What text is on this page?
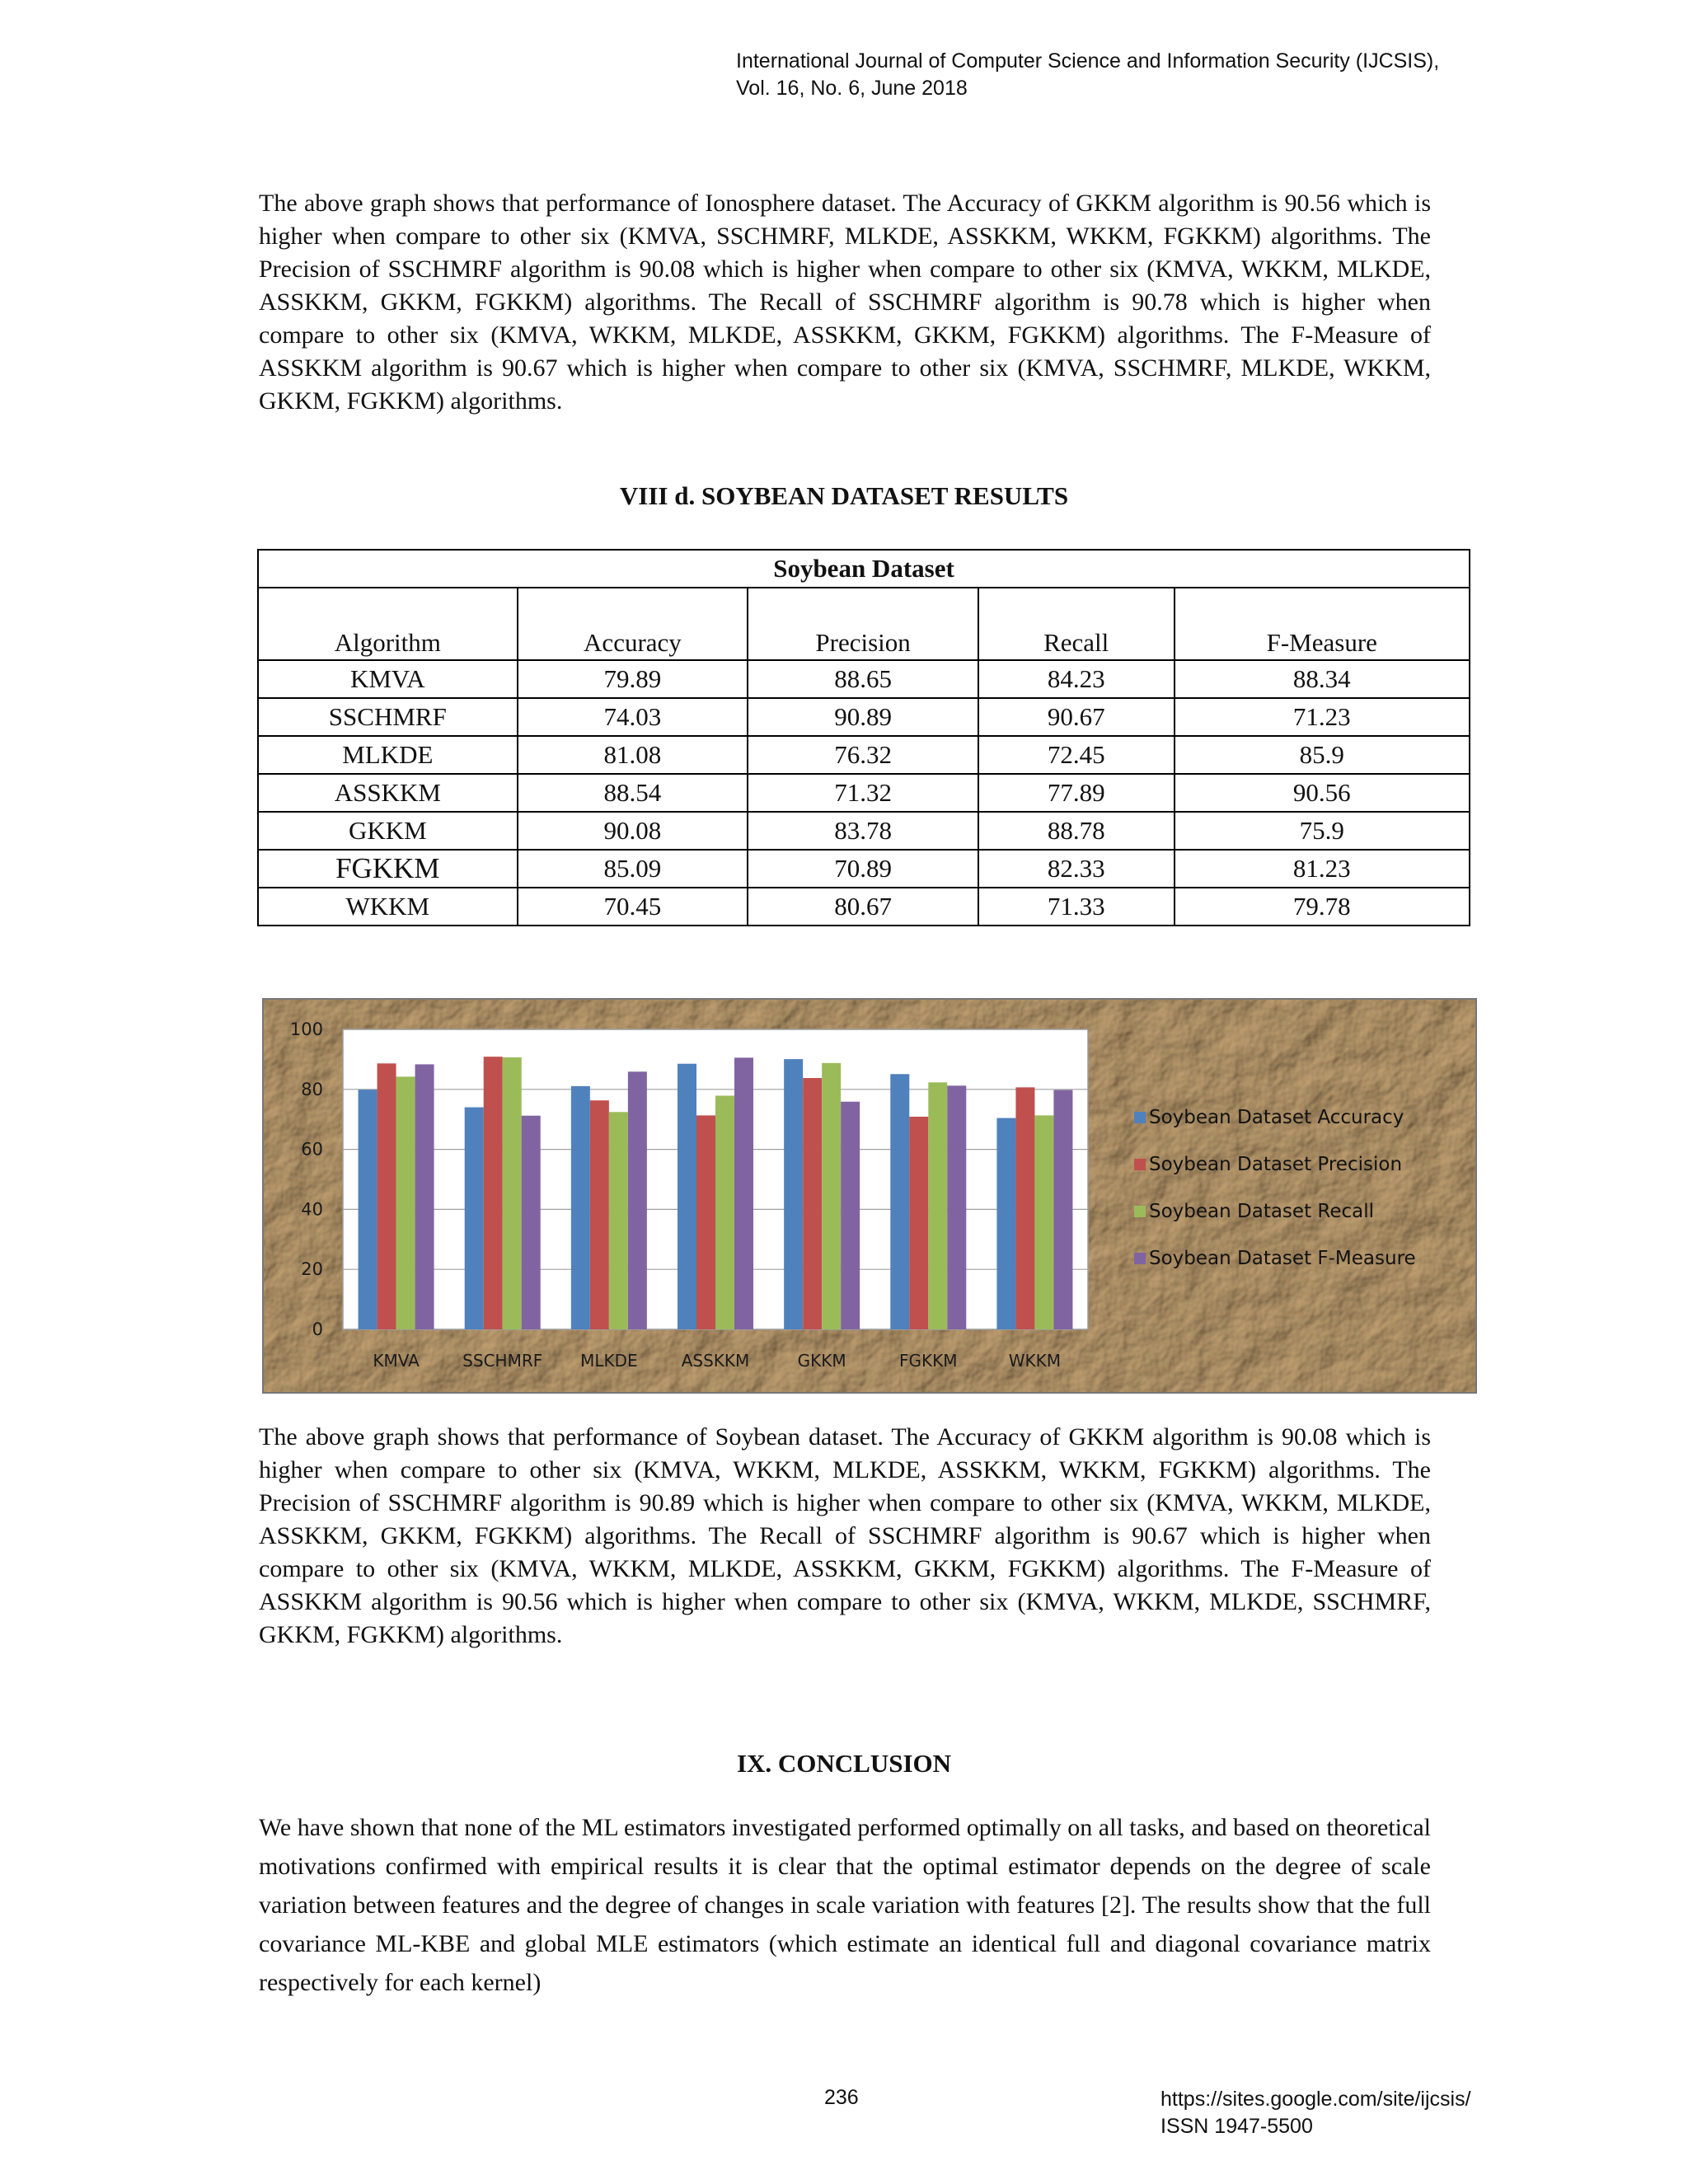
International Journal of Computer Science and Information Security (IJCSIS),
Vol. 16, No. 6, June 2018

The above graph shows that performance of Ionosphere dataset. The Accuracy of GKKM algorithm is 90.56 which is higher when compare to other six (KMVA, SSCHMRF, MLKDE, ASSKKM, WKKM, FGKKM) algorithms. The Precision of SSCHMRF algorithm is 90.08 which is higher when compare to other six (KMVA, WKKM, MLKDE, ASSKKM, GKKM, FGKKM) algorithms. The Recall of SSCHMRF algorithm is 90.78 which is higher when compare to other six (KMVA, WKKM, MLKDE, ASSKKM, GKKM, FGKKM) algorithms. The F-Measure of ASSKKM algorithm is 90.67 which is higher when compare to other six (KMVA, SSCHMRF, MLKDE, WKKM, GKKM, FGKKM) algorithms.

VIII d. SOYBEAN DATASET RESULTS
Soybean Dataset				
Algorithm	Accuracy	Precision	Recall	F-Measure
KMVA	79.89	88.65	84.23	88.34
SSCHMRF	74.03	90.89	90.67	71.23
MLKDE	81.08	76.32	72.45	85.9
ASSKKM	88.54	71.32	77.89	90.56
GKKM	90.08	83.78	88.78	75.9
FGKKM	85.09	70.89	82.33	81.23
WKKM	70.45	80.67	71.33	79.78
0
20
40
60
80
100
KMVA	SSCHMRF MLKDE	ASSKKM	GKKM	FGKKM	WKKM
Soybean Dataset Accuracy
Soybean Dataset Precision
Soybean Dataset Recall
Soybean Dataset F-Measure

The above graph shows that performance of Soybean dataset. The Accuracy of GKKM algorithm is 90.08 which is higher when compare to other six (KMVA, WKKM, MLKDE, ASSKKM, WKKM, FGKKM) algorithms. The Precision of SSCHMRF algorithm is 90.89 which is higher when compare to other six (KMVA, WKKM, MLKDE, ASSKKM, GKKM, FGKKM) algorithms. The Recall of SSCHMRF algorithm is 90.67 which is higher when compare to other six (KMVA, WKKM, MLKDE, ASSKKM, GKKM, FGKKM) algorithms. The F-Measure of ASSKKM algorithm is 90.56 which is higher when compare to other six (KMVA, WKKM, MLKDE, SSCHMRF, GKKM, FGKKM) algorithms.

IX. CONCLUSION

We have shown that none of the ML estimators investigated performed optimally on all tasks, and based on theoretical motivations confirmed with empirical results it is clear that the optimal estimator depends on the degree of scale variation between features and the degree of changes in scale variation with features [2]. The results show that the full covariance ML-KBE and global MLE estimators (which estimate an identical full and diagonal covariance matrix respectively for each kernel)

236	https://sites.google.com/site/ijcsis/
ISSN 1947-5500
